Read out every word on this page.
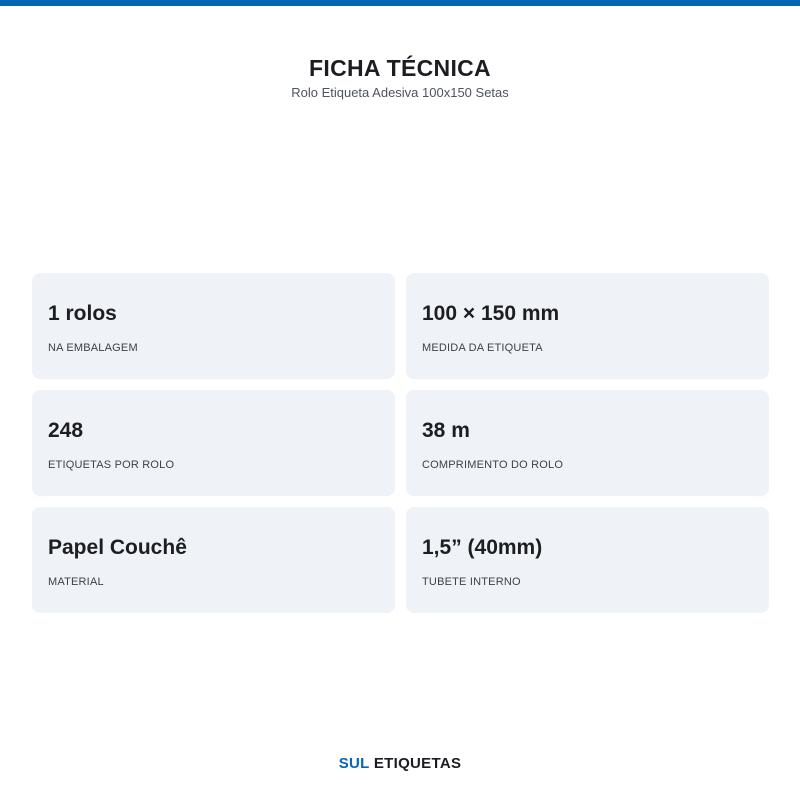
FICHA TÉCNICA
Rolo Etiqueta Adesiva 100x150 Setas
1 rolos
NA EMBALAGEM
100 × 150 mm
MEDIDA DA ETIQUETA
248
ETIQUETAS POR ROLO
38 m
COMPRIMENTO DO ROLO
Papel Couchê
MATERIAL
1,5” (40mm)
TUBETE INTERNO
SUL ETIQUETAS
